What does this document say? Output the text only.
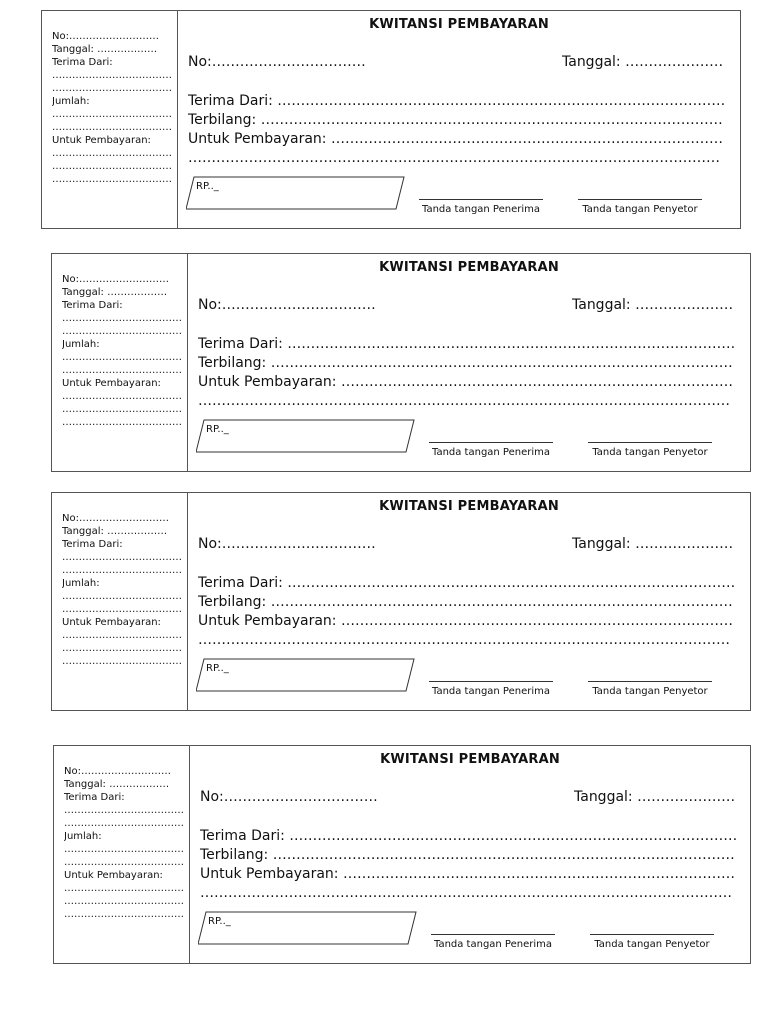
No:………………………
Tanggal: ………………
Terima Dari:
………………………………
………………………………
Jumlah:
………………………………
………………………………
Untuk Pembayaran:
………………………………
………………………………
………………………………
KWITANSI PEMBAYARAN
No:……………………………	Tanggal: …………………
Terima Dari: ……………………………………………………………………………………
Terbilang: ………………………………………………………………………………………
Untuk Pembayaran: …………………………………………………………………………
……………………………………………………………………………………………………
RP.._
Tanda tangan Penerima	Tanda tangan Penyetor
No:………………………
Tanggal: ………………
Terima Dari:
………………………………
………………………………
Jumlah:
………………………………
………………………………
Untuk Pembayaran:
………………………………
………………………………
………………………………
KWITANSI PEMBAYARAN
No:……………………………	Tanggal: …………………
Terima Dari: ……………………………………………………………………………………
Terbilang: ………………………………………………………………………………………
Untuk Pembayaran: …………………………………………………………………………
……………………………………………………………………………………………………
RP.._
Tanda tangan Penerima	Tanda tangan Penyetor
No:………………………
Tanggal: ………………
Terima Dari:
………………………………
………………………………
Jumlah:
………………………………
………………………………
Untuk Pembayaran:
………………………………
………………………………
………………………………
KWITANSI PEMBAYARAN
No:……………………………	Tanggal: …………………
Terima Dari: ……………………………………………………………………………………
Terbilang: ………………………………………………………………………………………
Untuk Pembayaran: …………………………………………………………………………
……………………………………………………………………………………………………
RP.._
Tanda tangan Penerima	Tanda tangan Penyetor
No:………………………
Tanggal: ………………
Terima Dari:
………………………………
………………………………
Jumlah:
………………………………
………………………………
Untuk Pembayaran:
………………………………
………………………………
………………………………
KWITANSI PEMBAYARAN
No:……………………………	Tanggal: …………………
Terima Dari: ……………………………………………………………………………………
Terbilang: ………………………………………………………………………………………
Untuk Pembayaran: …………………………………………………………………………
……………………………………………………………………………………………………
RP.._
Tanda tangan Penerima	Tanda tangan Penyetor
